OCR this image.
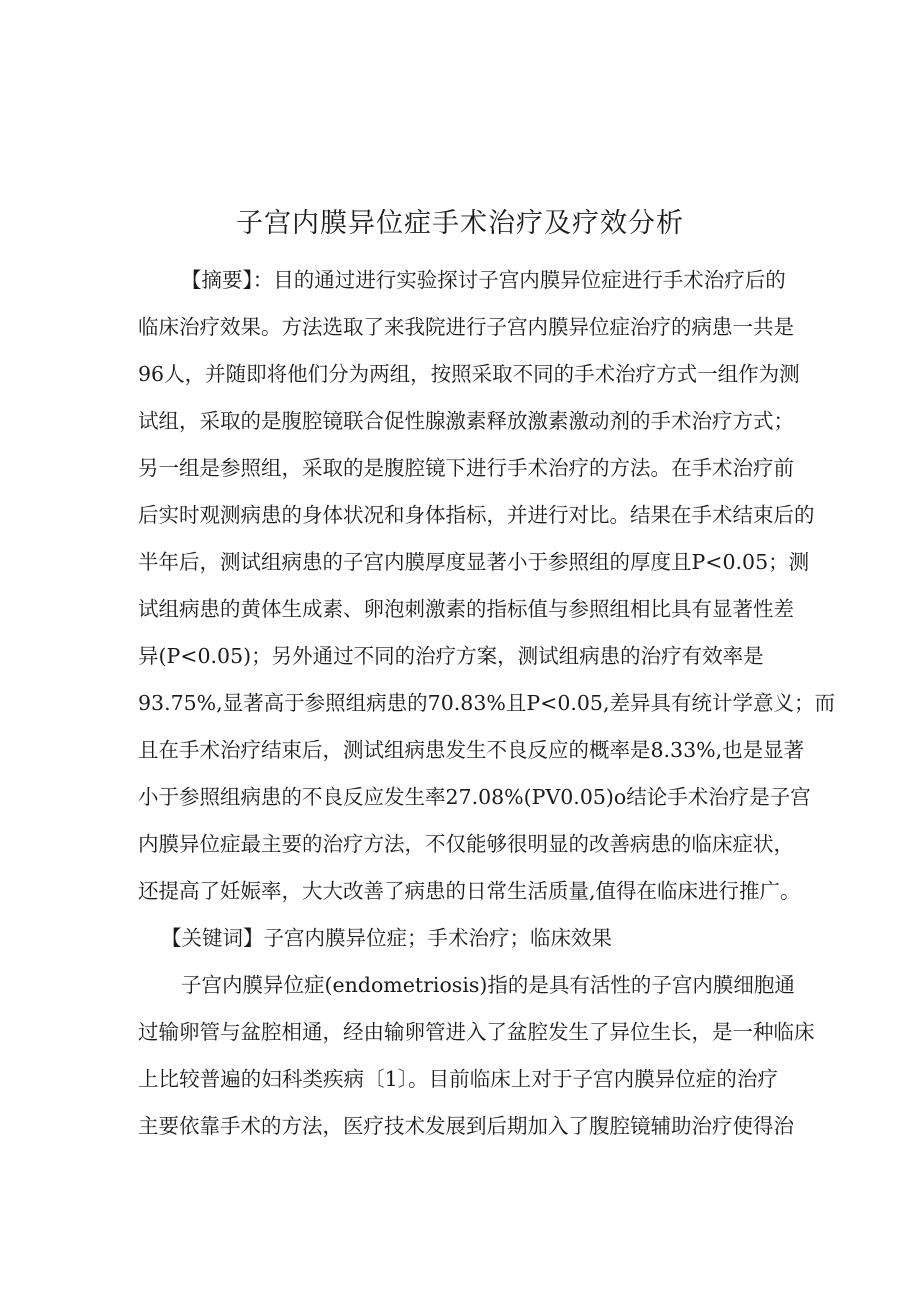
子宫内膜异位症手术治疗及疗效分析
【摘要】：目的通过进行实验探讨子宫内膜异位症进行手术治疗后的
临床治疗效果。方法选取了来我院进行子宫内膜异位症治疗的病患一共是
96人，并随即将他们分为两组，按照采取不同的手术治疗方式一组作为测
试组，采取的是腹腔镜联合促性腺激素释放激素激动剂的手术治疗方式；
另一组是参照组，采取的是腹腔镜下进行手术治疗的方法。在手术治疗前
后实时观测病患的身体状况和身体指标，并进行对比。结果在手术结束后的
半年后，测试组病患的子宫内膜厚度显著小于参照组的厚度且P<0.05；测
试组病患的黄体生成素、卵泡刺激素的指标值与参照组相比具有显著性差
异(P<0.05)；另外通过不同的治疗方案，测试组病患的治疗有效率是
93.75%,显著高于参照组病患的70.83%且P<0.05,差异具有统计学意义；而
且在手术治疗结束后，测试组病患发生不良反应的概率是8.33%,也是显著
小于参照组病患的不良反应发生率27.08%(PV0.05)o结论手术治疗是子宫
内膜异位症最主要的治疗方法，不仅能够很明显的改善病患的临床症状，
还提高了妊娠率，大大改善了病患的日常生活质量,值得在临床进行推广。
【关键词】子宫内膜异位症；手术治疗；临床效果
子宫内膜异位症(endometriosis)指的是具有活性的子宫内膜细胞通
过输卵管与盆腔相通，经由输卵管进入了盆腔发生了异位生长，是一种临床
上比较普遍的妇科类疾病〔1〕。目前临床上对于子宫内膜异位症的治疗
主要依靠手术的方法，医疗技术发展到后期加入了腹腔镜辅助治疗使得治
